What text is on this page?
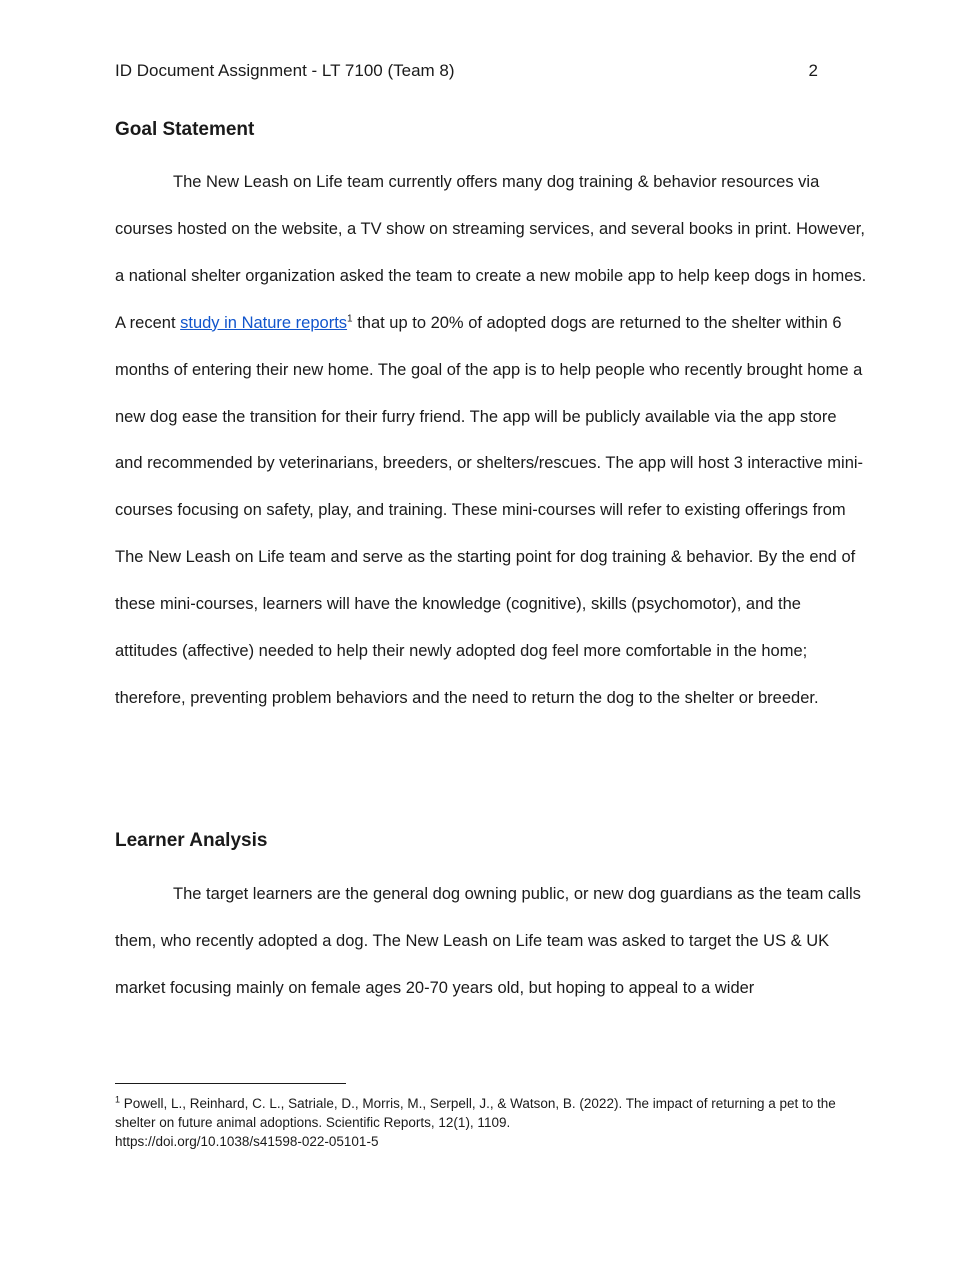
ID Document Assignment - LT 7100 (Team 8)	2
Goal Statement

The New Leash on Life team currently offers many dog training & behavior resources via courses hosted on the website, a TV show on streaming services, and several books in print. However, a national shelter organization asked the team to create a new mobile app to help keep dogs in homes. A recent study in Nature reports$^1$ that up to 20% of adopted dogs are returned to the shelter within 6 months of entering their new home. The goal of the app is to help people who recently brought home a new dog ease the transition for their furry friend. The app will be publicly available via the app store and recommended by veterinarians, breeders, or shelters/rescues. The app will host 3 interactive mini-courses focusing on safety, play, and training. These mini-courses will refer to existing offerings from The New Leash on Life team and serve as the starting point for dog training & behavior. By the end of these mini-courses, learners will have the knowledge (cognitive), skills (psychomotor), and the attitudes (affective) needed to help their newly adopted dog feel more comfortable in the home; therefore, preventing problem behaviors and the need to return the dog to the shelter or breeder.

Learner Analysis

The target learners are the general dog owning public, or new dog guardians as the team calls them, who recently adopted a dog. The New Leash on Life team was asked to target the US & UK market focusing mainly on female ages 20-70 years old, but hoping to appeal to a wider

$^1$ Powell, L., Reinhard, C. L., Satriale, D., Morris, M., Serpell, J., & Watson, B. (2022). The impact of returning a pet to the shelter on future animal adoptions. Scientific Reports, 12(1), 1109.
https://doi.org/10.1038/s41598-022-05101-5
